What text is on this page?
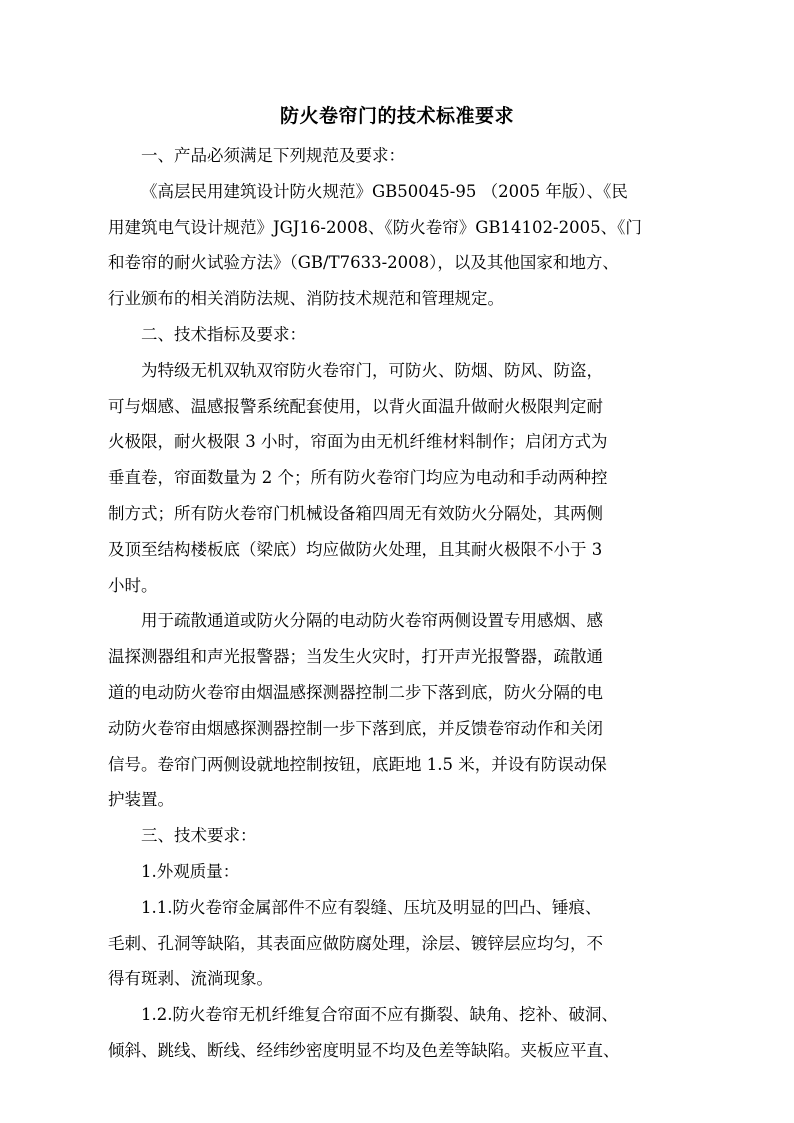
防火卷帘门的技术标准要求
一、产品必须满足下列规范及要求：
《高层民用建筑设计防火规范》GB50045-95 （2005 年版）、《民
用建筑电气设计规范》JGJ16-2008、《防火卷帘》GB14102-2005、《门
和卷帘的耐火试验方法》（GB/T7633-2008），以及其他国家和地方、
行业颁布的相关消防法规、消防技术规范和管理规定。
二、技术指标及要求：
为特级无机双轨双帘防火卷帘门，可防火、防烟、防风、防盗，
可与烟感、温感报警系统配套使用，以背火面温升做耐火极限判定耐
火极限，耐火极限 3 小时，帘面为由无机纤维材料制作；启闭方式为
垂直卷，帘面数量为 2 个；所有防火卷帘门均应为电动和手动两种控
制方式；所有防火卷帘门机械设备箱四周无有效防火分隔处，其两侧
及顶至结构楼板底（梁底）均应做防火处理，且其耐火极限不小于 3
小时。
用于疏散通道或防火分隔的电动防火卷帘两侧设置专用感烟、感
温探测器组和声光报警器；当发生火灾时，打开声光报警器，疏散通
道的电动防火卷帘由烟温感探测器控制二步下落到底，防火分隔的电
动防火卷帘由烟感探测器控制一步下落到底，并反馈卷帘动作和关闭
信号。卷帘门两侧设就地控制按钮，底距地 1.5 米，并设有防误动保
护装置。
三、技术要求：
1.外观质量：
1.1.防火卷帘金属部件不应有裂缝、压坑及明显的凹凸、锤痕、
毛刺、孔洞等缺陷，其表面应做防腐处理，涂层、镀锌层应均匀，不
得有斑剥、流淌现象。
1.2.防火卷帘无机纤维复合帘面不应有撕裂、缺角、挖补、破洞、
倾斜、跳线、断线、经纬纱密度明显不均及色差等缺陷。夹板应平直、
